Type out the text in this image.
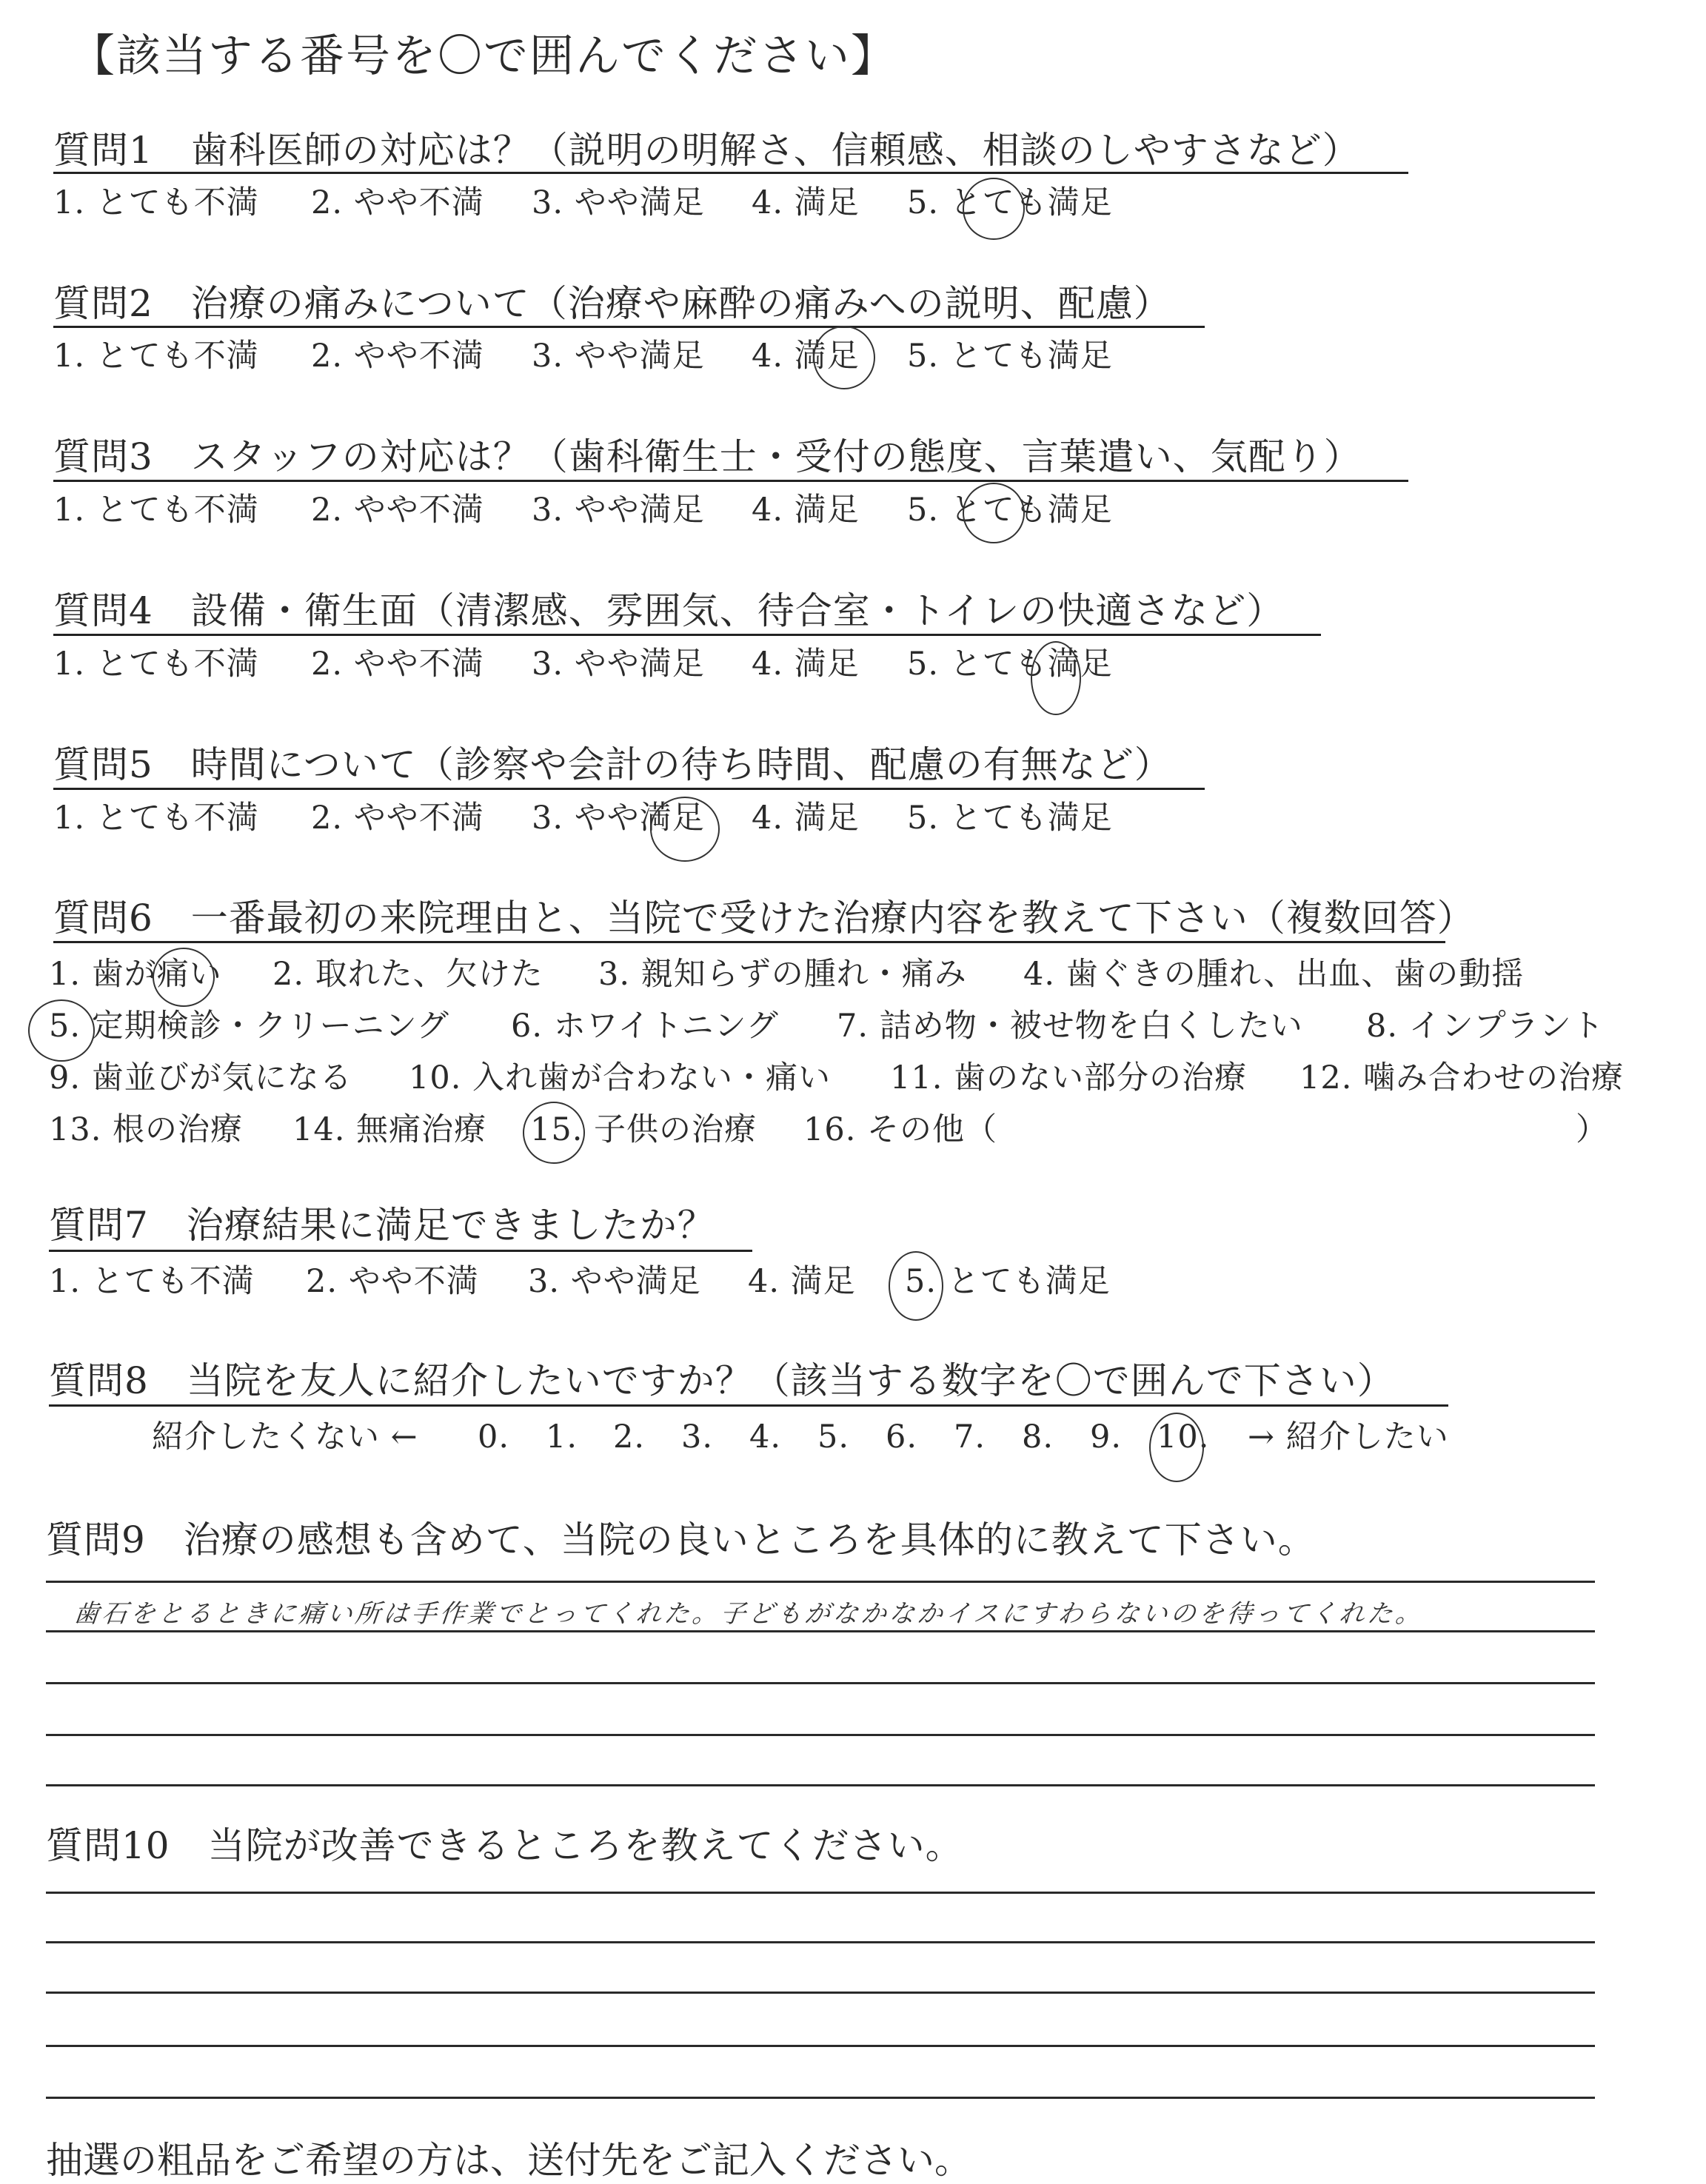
【該当する番号を〇で囲んでください】
質問1　歯科医師の対応は？（説明の明解さ、信頼感、相談のしやすさなど）
1. とても不満 2. やや不満 3. やや満足 4. 満足 5. とても満足
質問2　治療の痛みについて（治療や麻酔の痛みへの説明、配慮）
1. とても不満 2. やや不満 3. やや満足 4. 満足 5. とても満足
質問3　スタッフの対応は？（歯科衛生士・受付の態度、言葉遣い、気配り）
1. とても不満 2. やや不満 3. やや満足 4. 満足 5. とても満足
質問4　設備・衛生面（清潔感、雰囲気、待合室・トイレの快適さなど）
1. とても不満 2. やや不満 3. やや満足 4. 満足 5. とても満足
質問5　時間について（診察や会計の待ち時間、配慮の有無など）
1. とても不満 2. やや不満 3. やや満足 4. 満足 5. とても満足
質問6　一番最初の来院理由と、当院で受けた治療内容を教えて下さい（複数回答）
1. 歯が痛い 2. 取れた、欠けた 3. 親知らずの腫れ・痛み 4. 歯ぐきの腫れ、出血、歯の動揺
5. 定期検診・クリーニング 6. ホワイトニング 7. 詰め物・被せ物を白くしたい 8. インプラント
9. 歯並びが気になる 10. 入れ歯が合わない・痛い 11. 歯のない部分の治療 12. 噛み合わせの治療
13. 根の治療 14. 無痛治療 15. 子供の治療 16. その他（	）
質問7　治療結果に満足できましたか？
1. とても不満 2. やや不満 3. やや満足 4. 満足 5. とても満足
質問8　当院を友人に紹介したいですか？（該当する数字を〇で囲んで下さい）
紹介したくない ← 0. 1. 2. 3. 4. 5. 6. 7. 8. 9. 10. → 紹介したい
質問9　治療の感想も含めて、当院の良いところを具体的に教えて下さい。
歯石をとるときに痛い所は手作業でとってくれた。子どもがなかなかイスにすわらないのを待ってくれた。
質問10　当院が改善できるところを教えてください。
抽選の粗品をご希望の方は、送付先をご記入ください。
